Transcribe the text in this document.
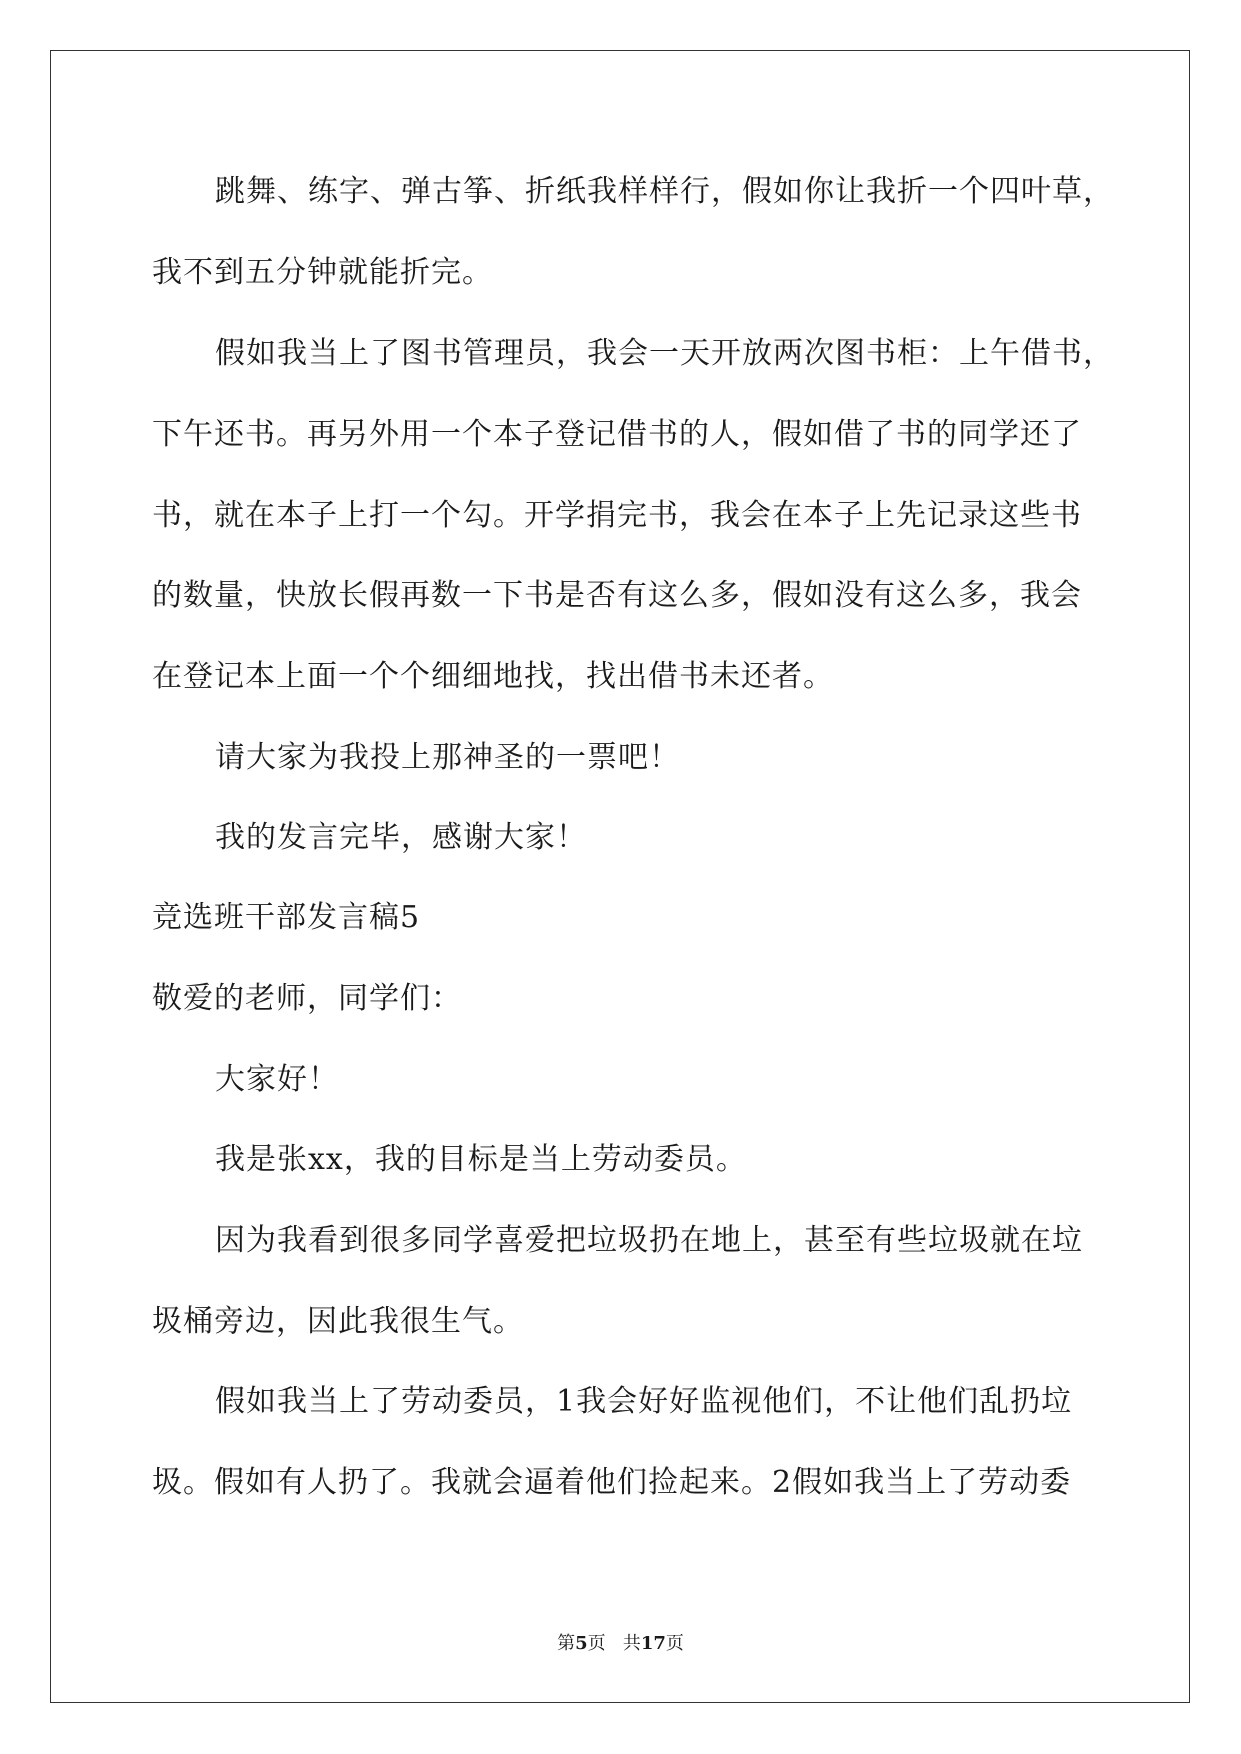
跳舞、练字、弹古筝、折纸我样样行，假如你让我折一个四叶草，
我不到五分钟就能折完。
假如我当上了图书管理员，我会一天开放两次图书柜：上午借书，
下午还书。再另外用一个本子登记借书的人，假如借了书的同学还了
书，就在本子上打一个勾。开学捐完书，我会在本子上先记录这些书
的数量，快放长假再数一下书是否有这么多，假如没有这么多，我会
在登记本上面一个个细细地找，找出借书未还者。
请大家为我投上那神圣的一票吧！
我的发言完毕，感谢大家！
竞选班干部发言稿5
敬爱的老师，同学们：
大家好！
我是张xx，我的目标是当上劳动委员。
因为我看到很多同学喜爱把垃圾扔在地上，甚至有些垃圾就在垃
圾桶旁边，因此我很生气。
假如我当上了劳动委员，1我会好好监视他们，不让他们乱扔垃
圾。假如有人扔了。我就会逼着他们捡起来。2假如我当上了劳动委
第5页 共17页
